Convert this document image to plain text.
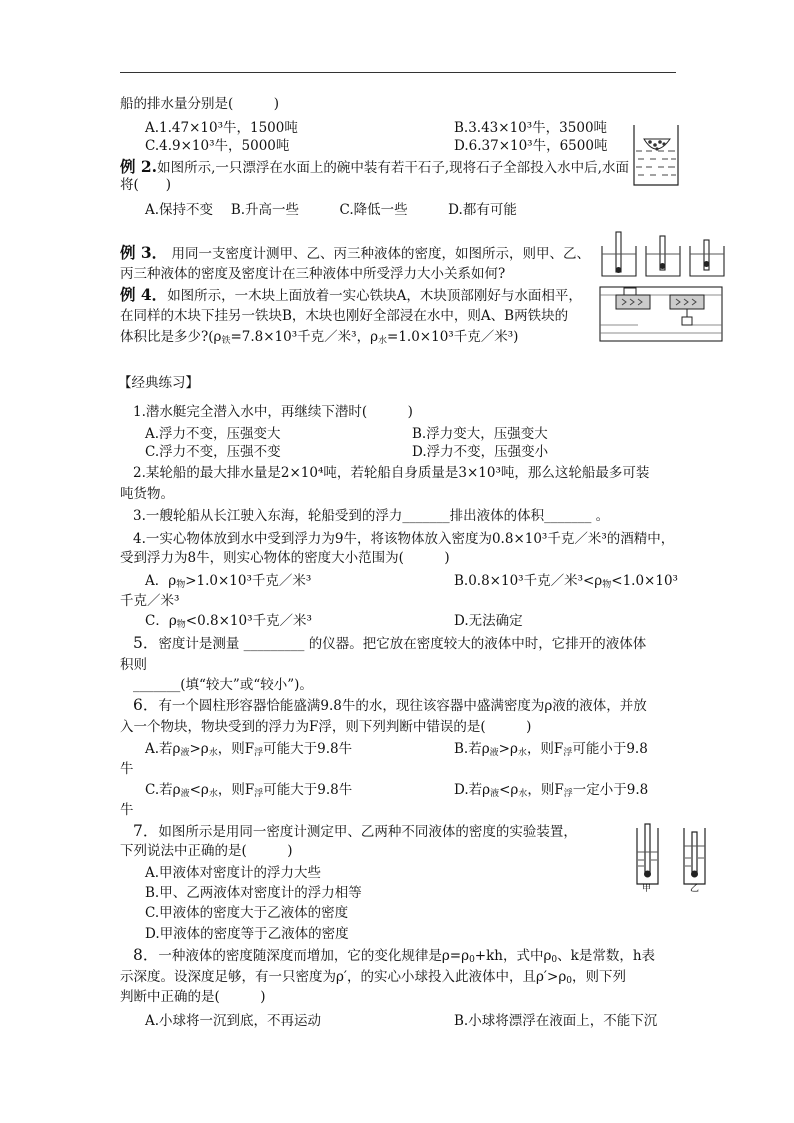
船的排水量分别是(　　　)
A.1.47×10³牛，1500吨	B.3.43×10³牛，3500吨
C.4.9×10³牛，5000吨	D.6.37×10³牛，6500吨
例 2.如图所示,一只漂浮在水面上的碗中装有若干石子,现将石子全部投入水中后,水面
将(　　)
A.保持不变　 B.升高一些　　　C.降低一些　　　D.都有可能
例 3． 用同一支密度计测甲、乙、丙三种液体的密度，如图所示，则甲、乙、
丙三种液体的密度及密度计在三种液体中所受浮力大小关系如何?
例 4．如图所示，一木块上面放着一实心铁块A，木块顶部刚好与水面相平，
在同样的木块下挂另一铁块B，木块也刚好全部浸在水中，则A、B两铁块的
体积比是多少$?(\rho_铁=7.8\times 10^3$千克／米³，$\rho_水=1.0\times 10^3$千克／米³)
【经典练习】
1.潜水艇完全潜入水中，再继续下潜时(　　　)
A.浮力不变，压强变大	B.浮力变大，压强变大
C.浮力不变，压强不变	D.浮力不变，压强变小
2.某轮船的最大排水量是2×10⁴吨，若轮船自身质量是3×10³吨，那么这轮船最多可装
吨货物。
3.一艘轮船从长江驶入东海，轮船受到的浮力_______排出液体的体积_______ 。
4.一实心物体放到水中受到浮力为9牛，将该物体放入密度为0.8×10³千克／米³的酒精中，
受到浮力为8牛，则实心物体的密度大小范围为(　　　)
A．$\rho_物>1.0\times 10^3$千克／米³	B.0.8×10³千克／米$^3<\rho_物<1.0\times 10^3$
千克／米³
C．$\rho_物<0.8\times 10^3$千克／米³	D.无法确定
5．密度计是测量 _________ 的仪器。把它放在密度较大的液体中时，它排开的液体体
积则
_______(填“较大”或“较小”)。
6．有一个圆柱形容器恰能盛满9.8牛的水，现往该容器中盛满密度为ρ液的液体，并放
入一个物块，物块受到的浮力为F浮，则下列判断中错误的是(　　　)
A.若$\rho_液>\rho_水$，则$F_浮$可能大于9.8牛	B.若$\rho_液>\rho_水$，则$F_浮$可能小于9.8
牛
C.若$\rho_液<\rho_水$，则$F_浮$可能大于9.8牛	D.若$\rho_液<\rho_水$，则$F_浮$一定小于9.8
牛
甲	乙
7．如图所示是用同一密度计测定甲、乙两种不同液体的密度的实验装置，
下列说法中正确的是(　　　)
A.甲液体对密度计的浮力大些
B.甲、乙两液体对密度计的浮力相等
C.甲液体的密度大于乙液体的密度
D.甲液体的密度等于乙液体的密度
8．一种液体的密度随深度而增加，它的变化规律是$\rho=\rho_0+kh$，式中$\rho_0$、k是常数，h表
示深度。设深度足够，有一只密度为ρ′，的实心小球投入此液体中，且$\rho'>\rho_0$，则下列
判断中正确的是(　　　)
A.小球将一沉到底，不再运动	B.小球将漂浮在液面上，不能下沉
